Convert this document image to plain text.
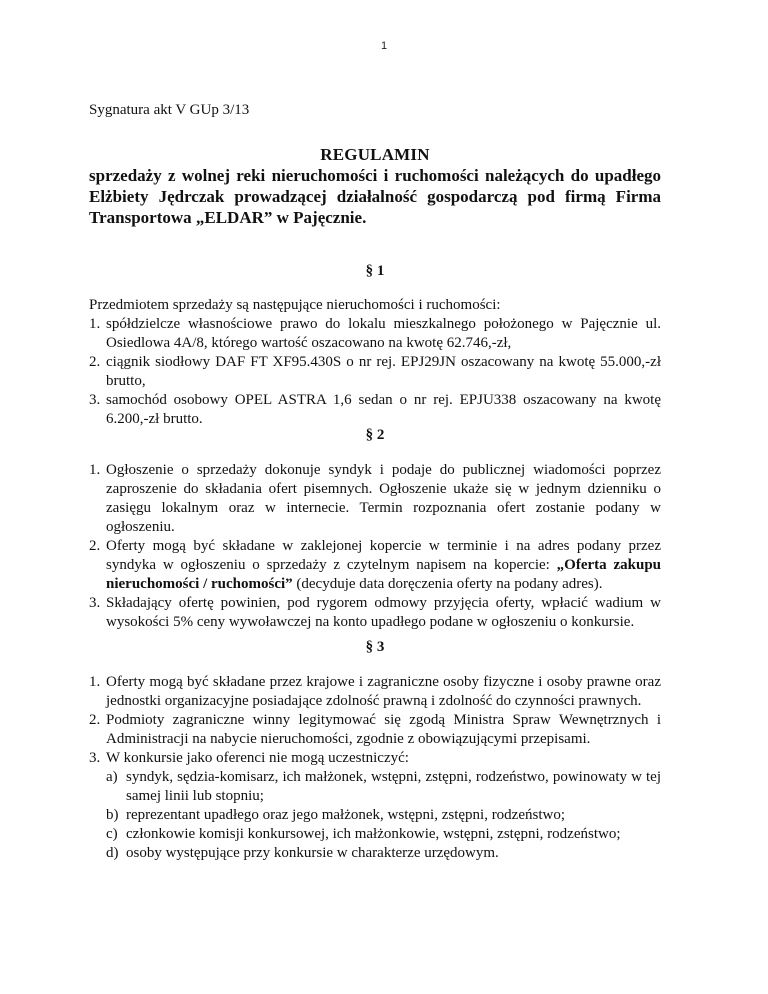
1
Sygnatura akt V GUp 3/13

REGULAMIN

sprzedaży z wolnej reki nieruchomości i ruchomości należących do upadłego Elżbiety Jędrczak prowadzącej działalność gospodarczą pod firmą Firma Transportowa „ELDAR” w Pajęcznie.

§ 1

Przedmiotem sprzedaży są następujące nieruchomości i ruchomości:

1. spółdzielcze własnościowe prawo do lokalu mieszkalnego położonego w Pajęcznie ul. Osiedlowa 4A/8, którego wartość oszacowano na kwotę 62.746,-zł,
2. ciągnik siodłowy DAF FT XF95.430S o nr rej. EPJ29JN oszacowany na kwotę 55.000,-zł brutto,
3. samochód osobowy OPEL ASTRA 1,6 sedan o nr rej. EPJU338 oszacowany na kwotę 6.200,-zł brutto.
§ 2
1. Ogłoszenie o sprzedaży dokonuje syndyk i podaje do publicznej wiadomości poprzez zaproszenie do składania ofert pisemnych. Ogłoszenie ukaże się w jednym dzienniku o zasięgu lokalnym oraz w internecie. Termin rozpoznania ofert zostanie podany w ogłoszeniu.
2. Oferty mogą być składane w zaklejonej kopercie w terminie i na adres podany przez syndyka w ogłoszeniu o sprzedaży z czytelnym napisem na kopercie: „Oferta zakupu nieruchomości / ruchomości” (decyduje data doręczenia oferty na podany adres).
3. Składający ofertę powinien, pod rygorem odmowy przyjęcia oferty, wpłacić wadium w wysokości 5% ceny wywoławczej na konto upadłego podane w ogłoszeniu o konkursie.
§ 3
1. Oferty mogą być składane przez krajowe i zagraniczne osoby fizyczne i osoby prawne oraz jednostki organizacyjne posiadające zdolność prawną i zdolność do czynności prawnych.
2. Podmioty zagraniczne winny legitymować się zgodą Ministra Spraw Wewnętrznych i Administracji na nabycie nieruchomości, zgodnie z obowiązującymi przepisami.
3. W konkursie jako oferenci nie mogą uczestniczyć:
a) syndyk, sędzia-komisarz, ich małżonek, wstępni, zstępni, rodzeństwo, powinowaty w tej samej linii lub stopniu;
b) reprezentant upadłego oraz jego małżonek, wstępni, zstępni, rodzeństwo;
c) członkowie komisji konkursowej, ich małżonkowie, wstępni, zstępni, rodzeństwo;
d) osoby występujące przy konkursie w charakterze urzędowym.
